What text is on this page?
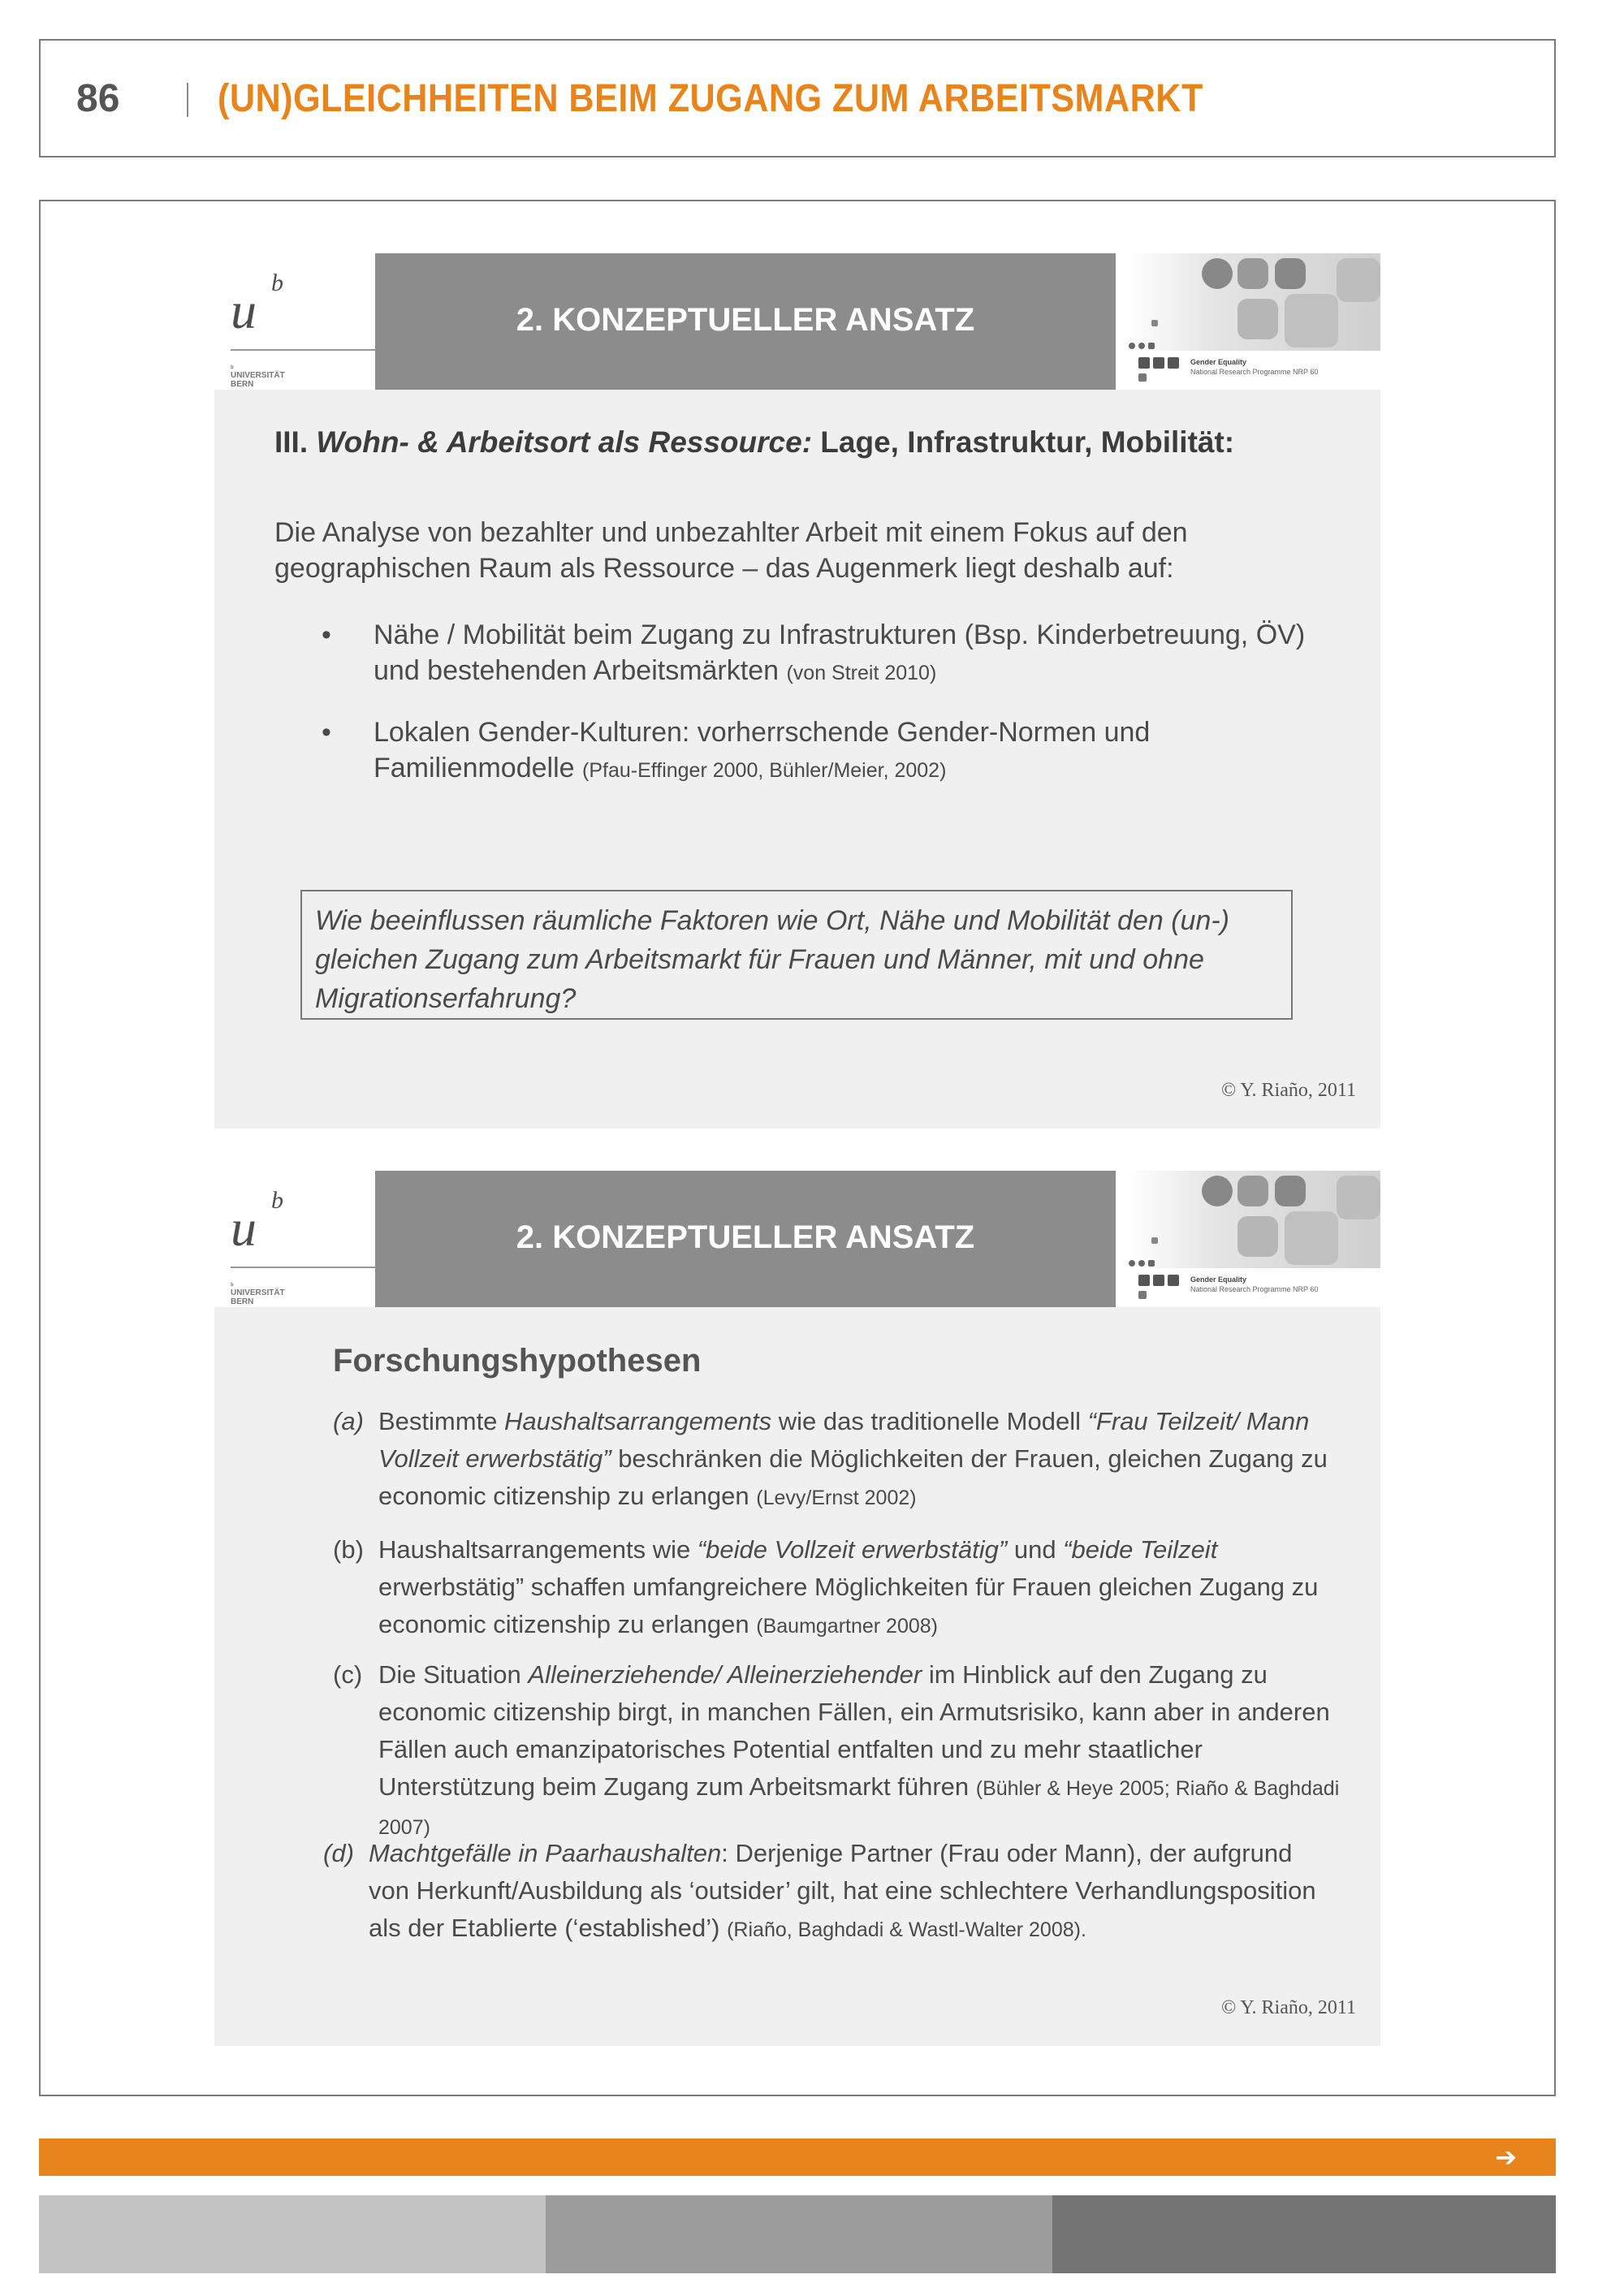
86	(UN)GLEICHHEITEN BEIM ZUGANG ZUM ARBEITSMARKT
u b
b
UNIVERSITÄT
BERN
2. KONZEPTUELLER ANSATZ
Gender Equality
National Research Programme NRP 60
III. Wohn- & Arbeitsort als Ressource: Lage, Infrastruktur, Mobilität:
Die Analyse von bezahlter und unbezahlter Arbeit mit einem Fokus auf den geographischen Raum als Ressource – das Augenmerk liegt deshalb auf:
• Nähe / Mobilität beim Zugang zu Infrastrukturen (Bsp. Kinderbetreuung, ÖV) und bestehenden Arbeitsmärkten (von Streit 2010)
• Lokalen Gender-Kulturen: vorherrschende Gender-Normen und Familienmodelle (Pfau-Effinger 2000, Bühler/Meier, 2002)
Wie beeinflussen räumliche Faktoren wie Ort, Nähe und Mobilität den (un-) gleichen Zugang zum Arbeitsmarkt für Frauen und Männer, mit und ohne Migrationserfahrung?
© Y. Riaño, 2011
u b
b
UNIVERSITÄT
BERN
2. KONZEPTUELLER ANSATZ
Gender Equality
National Research Programme NRP 60
Forschungshypothesen
(a) Bestimmte Haushaltsarrangements wie das traditionelle Modell “Frau Teilzeit/ Mann Vollzeit erwerbstätig” beschränken die Möglichkeiten der Frauen, gleichen Zugang zu economic citizenship zu erlangen (Levy/Ernst 2002)
(b) Haushaltsarrangements wie “beide Vollzeit erwerbstätig” und “beide Teilzeit erwerbstätig” schaffen umfangreichere Möglichkeiten für Frauen gleichen Zugang zu economic citizenship zu erlangen (Baumgartner 2008)
(c) Die Situation Alleinerziehende/ Alleinerziehender im Hinblick auf den Zugang zu economic citizenship birgt, in manchen Fällen, ein Armutsrisiko, kann aber in anderen Fällen auch emanzipatorisches Potential entfalten und zu mehr staatlicher Unterstützung beim Zugang zum Arbeitsmarkt führen (Bühler & Heye 2005; Riaño & Baghdadi 2007)
(d) Machtgefälle in Paarhaushalten: Derjenige Partner (Frau oder Mann), der aufgrund von Herkunft/Ausbildung als ‘outsider’ gilt, hat eine schlechtere Verhandlungsposition als der Etablierte (‘established’) (Riaño, Baghdadi & Wastl-Walter 2008).
© Y. Riaño, 2011
➔
